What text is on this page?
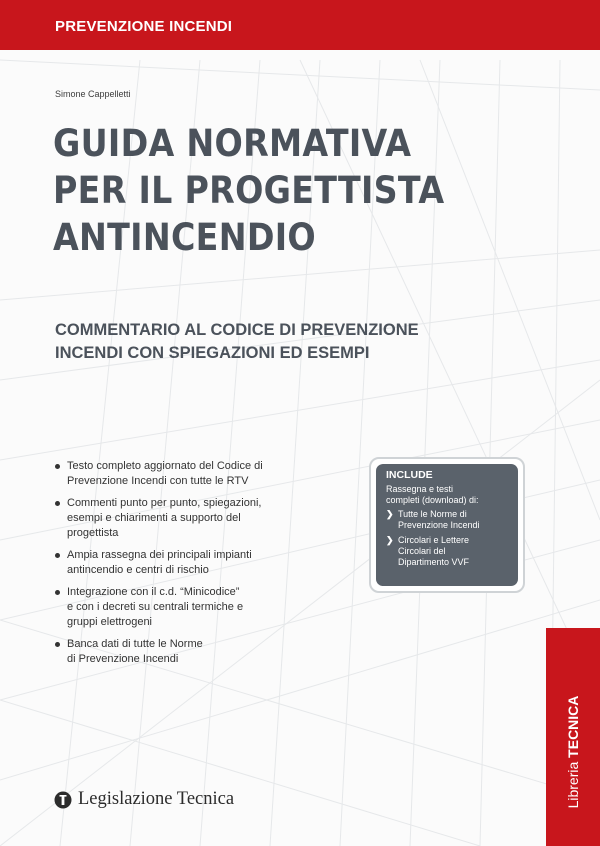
PREVENZIONE INCENDI
Simone Cappelletti
GUIDA NORMATIVA
PER IL PROGETTISTA
ANTINCENDIO
COMMENTARIO AL CODICE DI PREVENZIONE
INCENDI CON SPIEGAZIONI ED ESEMPI
Testo completo aggiornato del Codice di
Prevenzione Incendi con tutte le RTV
Commenti punto per punto, spiegazioni,
esempi e chiarimenti a supporto del
progettista
Ampia rassegna dei principali impianti
antincendio e centri di rischio
Integrazione con il c.d. “Minicodice”
e con i decreti su centrali termiche e
gruppi elettrogeni
Banca dati di tutte le Norme
di Prevenzione Incendi
INCLUDE
Rassegna e testi
completi (download) di:
❯ Tutte le Norme di
Prevenzione Incendi
❯ Circolari e Lettere
Circolari del
Dipartimento VVF
Legislazione Tecnica	Libreria TECNICA
